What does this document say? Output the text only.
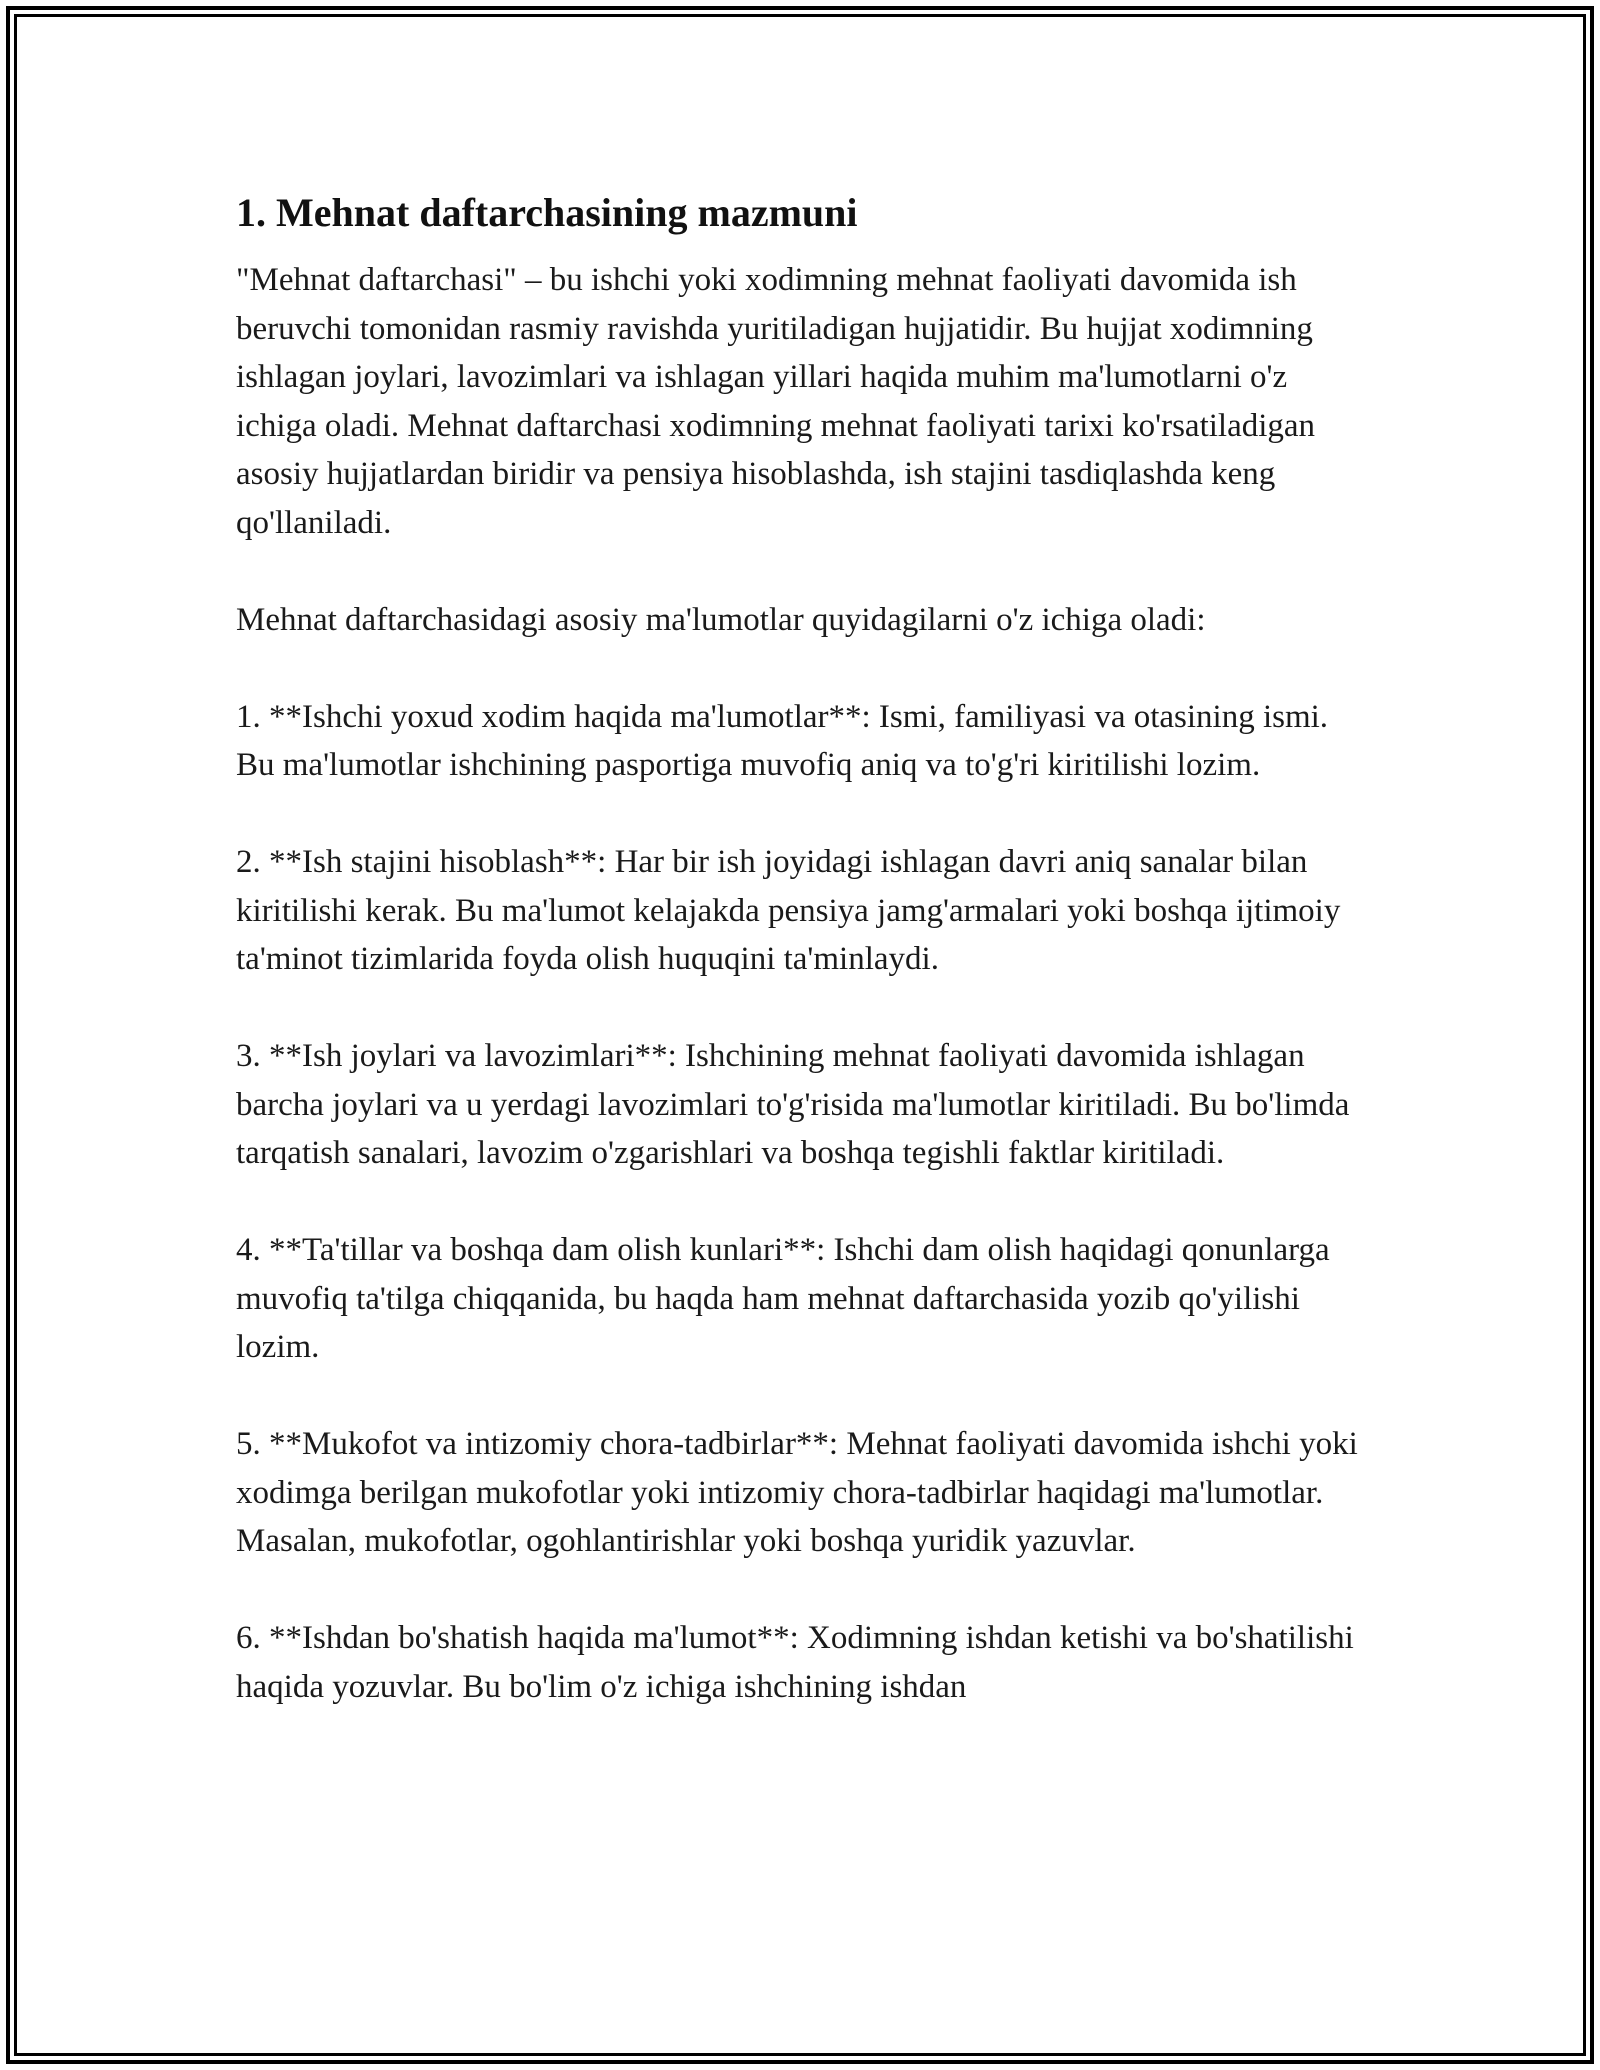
1. Mehnat daftarchasining mazmuni

"Mehnat daftarchasi" – bu ishchi yoki xodimning mehnat faoliyati davomida ish beruvchi tomonidan rasmiy ravishda yuritiladigan hujjatidir. Bu hujjat xodimning ishlagan joylari, lavozimlari va ishlagan yillari haqida muhim ma'lumotlarni o'z ichiga oladi. Mehnat daftarchasi xodimning mehnat faoliyati tarixi ko'rsatiladigan asosiy hujjatlardan biridir va pensiya hisoblashda, ish stajini tasdiqlashda keng qo'llaniladi.

Mehnat daftarchasidagi asosiy ma'lumotlar quyidagilarni o'z ichiga oladi:

1. **Ishchi yoxud xodim haqida ma'lumotlar**: Ismi, familiyasi va otasining ismi. Bu ma'lumotlar ishchining pasportiga muvofiq aniq va to'g'ri kiritilishi lozim.

2. **Ish stajini hisoblash**: Har bir ish joyidagi ishlagan davri aniq sanalar bilan kiritilishi kerak. Bu ma'lumot kelajakda pensiya jamg'armalari yoki boshqa ijtimoiy ta'minot tizimlarida foyda olish huquqini ta'minlaydi.

3. **Ish joylari va lavozimlari**: Ishchining mehnat faoliyati davomida ishlagan barcha joylari va u yerdagi lavozimlari to'g'risida ma'lumotlar kiritiladi. Bu bo'limda tarqatish sanalari, lavozim o'zgarishlari va boshqa tegishli faktlar kiritiladi.

4. **Ta'tillar va boshqa dam olish kunlari**: Ishchi dam olish haqidagi qonunlarga muvofiq ta'tilga chiqqanida, bu haqda ham mehnat daftarchasida yozib qo'yilishi lozim.

5. **Mukofot va intizomiy chora-tadbirlar**: Mehnat faoliyati davomida ishchi yoki xodimga berilgan mukofotlar yoki intizomiy chora-tadbirlar haqidagi ma'lumotlar. Masalan, mukofotlar, ogohlantirishlar yoki boshqa yuridik yazuvlar.

6. **Ishdan bo'shatish haqida ma'lumot**: Xodimning ishdan ketishi va bo'shatilishi haqida yozuvlar. Bu bo'lim o'z ichiga ishchining ishdan
